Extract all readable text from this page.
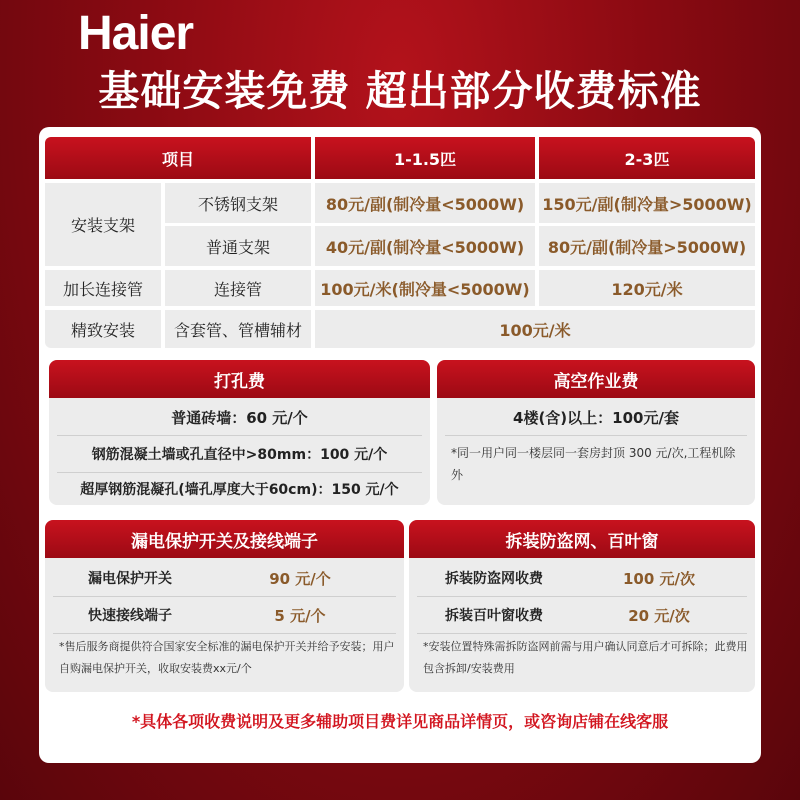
Haier
基础安装免费 超出部分收费标准
项目	1-1.5匹	2-3匹
安装支架
不锈钢支架	80元/副(制冷量<5000W)	150元/副(制冷量>5000W)
普通支架	40元/副(制冷量<5000W)	80元/副(制冷量>5000W)
加长连接管	连接管	100元/米(制冷量<5000W)	120元/米
精致安装	含套管、管槽辅材	100元/米
打孔费
普通砖墙：60 元/个
钢筋混凝土墙或孔直径中>80mm：100 元/个
超厚钢筋混凝孔(墙孔厚度大于60cm)：150 元/个
高空作业费
4楼(含)以上：100元/套
*同一用户同一楼层同一套房封顶 300 元/次,工程机除外
漏电保护开关及接线端子
漏电保护开关	90 元/个
快速接线端子	5 元/个
*售后服务商提供符合国家安全标准的漏电保护开关并给予安装；用户自购漏电保护开关，收取安装费xx元/个
拆装防盗网、百叶窗
拆装防盗网收费	100 元/次
拆装百叶窗收费	20 元/次
*安装位置特殊需拆防盗网前需与用户确认同意后才可拆除；此费用包含拆卸/安装费用
*具体各项收费说明及更多辅助项目费详见商品详情页，或咨询店铺在线客服
